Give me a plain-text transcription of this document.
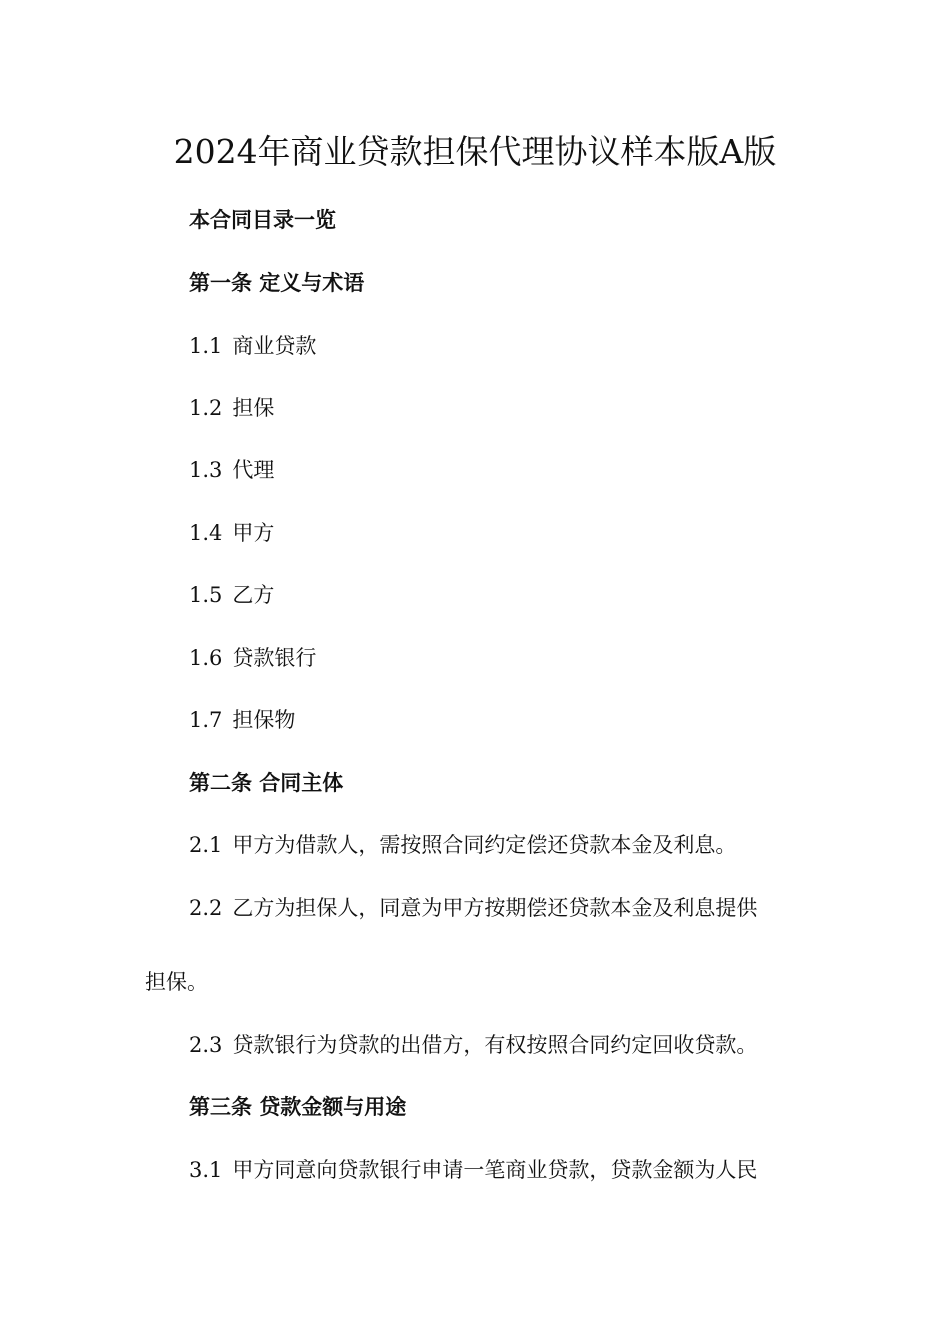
2024年商业贷款担保代理协议样本版A版

本合同目录一览

第一条 定义与术语

1.1 商业贷款

1.2 担保

1.3 代理

1.4 甲方

1.5 乙方

1.6 贷款银行

1.7 担保物

第二条 合同主体

2.1 甲方为借款人，需按照合同约定偿还贷款本金及利息。

2.2 乙方为担保人，同意为甲方按期偿还贷款本金及利息提供

担保。

2.3 贷款银行为贷款的出借方，有权按照合同约定回收贷款。

第三条 贷款金额与用途

3.1 甲方同意向贷款银行申请一笔商业贷款，贷款金额为人民
